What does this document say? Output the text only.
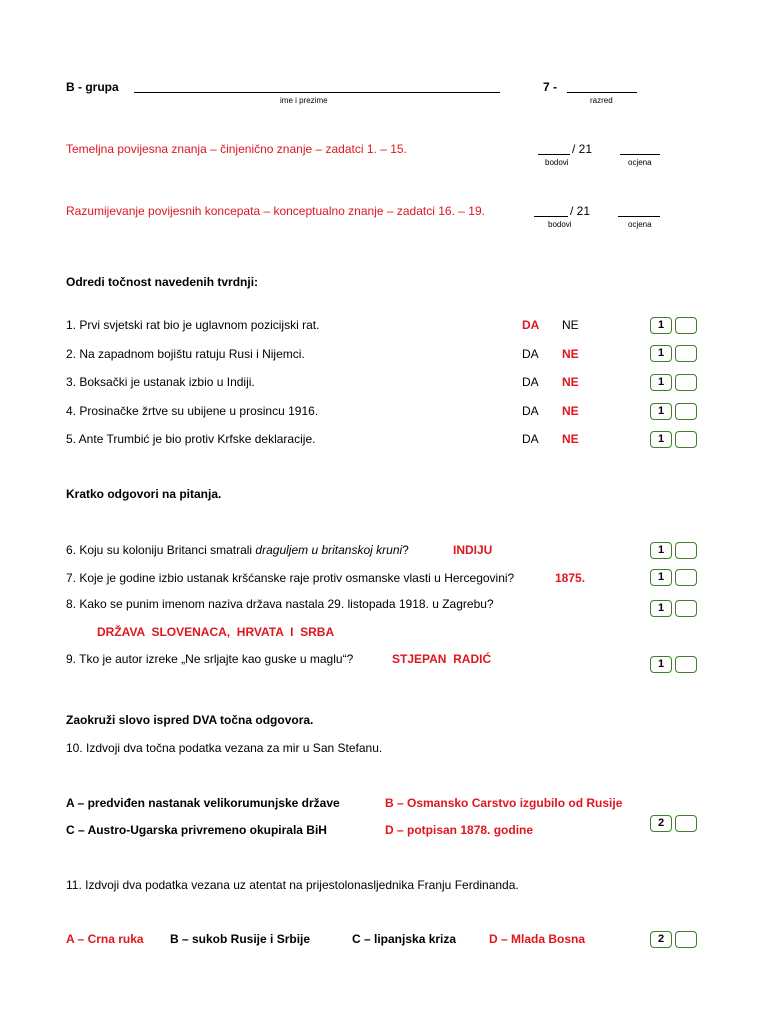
B - grupa
ime i prezime
7 -
razred
Temeljna povijesna znanja – činjenično znanje – zadatci 1. – 15.	/ 21
bodovi	ocjena
Razumijevanje povijesnih koncepata – konceptualno znanje – zadatci 16. – 19.	/ 21
bodovi	ocjena
Odredi točnost navedenih tvrdnji:
1. Prvi svjetski rat bio je uglavnom pozicijski rat.	DA NE	1
2. Na zapadnom bojištu ratuju Rusi i Nijemci.	DA NE	1
3. Boksački je ustanak izbio u Indiji.	DA NE	1
4. Prosinačke žrtve su ubijene u prosincu 1916.	DA NE	1
5. Ante Trumbić je bio protiv Krfske deklaracije.	DA NE	1
Kratko odgovori na pitanja.
6. Koju su koloniju Britanci smatrali draguljem u britanskoj kruni?	INDIJU	1
7. Koje je godine izbio ustanak kršćanske raje protiv osmanske vlasti u Hercegovini?	1875.	1
8. Kako se punim imenom naziva država nastala 29. listopada 1918. u Zagrebu?
DRŽAVA  SLOVENACA,  HRVATA  I  SRBA
1
9. Tko je autor izreke „Ne srljajte kao guske u maglu“?	STJEPAN  RADIĆ	1
Zaokruži slovo ispred DVA točna odgovora.
10. Izdvoji dva točna podatka vezana za mir u San Stefanu.
A – predviđen nastanak velikorumunjske države	B – Osmansko Carstvo izgubilo od Rusije
C – Austro-Ugarska privremeno okupirala BiH	D – potpisan 1878. godine	2
11. Izdvoji dva podatka vezana uz atentat na prijestolonasljednika Franju Ferdinanda.
A – Crna ruka B – sukob Rusije i Srbije	C – lipanjska kriza	D – Mlada Bosna	2
